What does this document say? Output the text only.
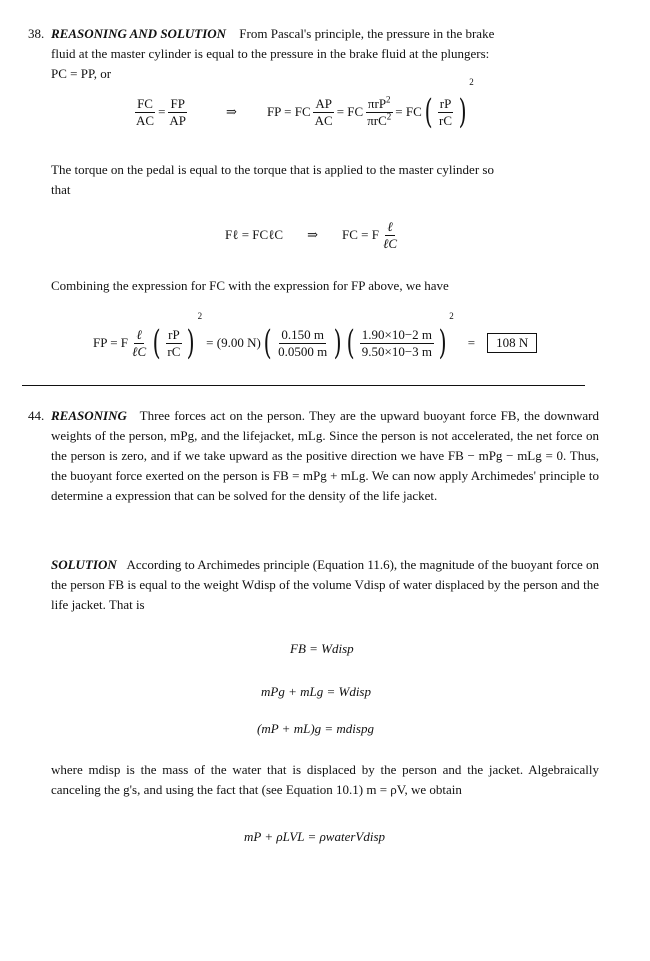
38. REASONING AND SOLUTION From Pascal's principle, the pressure in the brake
fluid at the master cylinder is equal to the pressure in the brake fluid at the plungers:
PC = PP, or
$\frac{FC}{AC} = \frac{FP}{AP}$	⇒ FP = FC $\frac{AP}{AC}$ = FC $\frac{\pi rP^2}{\pi rC^2}$ = FC ( $\frac{rP}{rC}$ )
2
The torque on the pedal is equal to the torque that is applied to the master cylinder so
that
Fℓ = FCℓC ⇒ FC = F $\frac{\text{ℓ}}{\text{ℓC}}$
Combining the expression for FC with the expression for FP above, we have
FP = F $\frac{\text{ℓ}}{\text{ℓC}}$ ( $\frac{rP}{rC}$ )
2
= (9.00 N) ( $\frac{0.150 m}{0.0500 m}$ ) ( $\frac{1.90\times 10-2 m}{9.50\times 10-3 m}$ )
2
=	108 N
44. REASONING Three forces act on the person. They are the upward buoyant force FB, the downward weights of the person, mPg, and the lifejacket, mLg. Since the person is not accelerated, the net force on the person is zero, and if we take upward as the positive direction we have FB − mPg − mLg = 0. Thus, the buoyant force exerted on the person is FB = mPg + mLg. We can now apply Archimedes' principle to determine a expression that can be solved for the density of the life jacket.

SOLUTION According to Archimedes principle (Equation 11.6), the magnitude of the buoyant force on the person FB is equal to the weight Wdisp of the volume Vdisp of water displaced by the person and the life jacket. That is

FB = Wdisp
mPg + mLg = Wdisp
(mP + mL)g = mdispg

where mdisp is the mass of the water that is displaced by the person and the jacket. Algebraically canceling the g's, and using the fact that (see Equation 10.1) m = ρV, we obtain

mP + ρLVL = ρwaterVdisp
